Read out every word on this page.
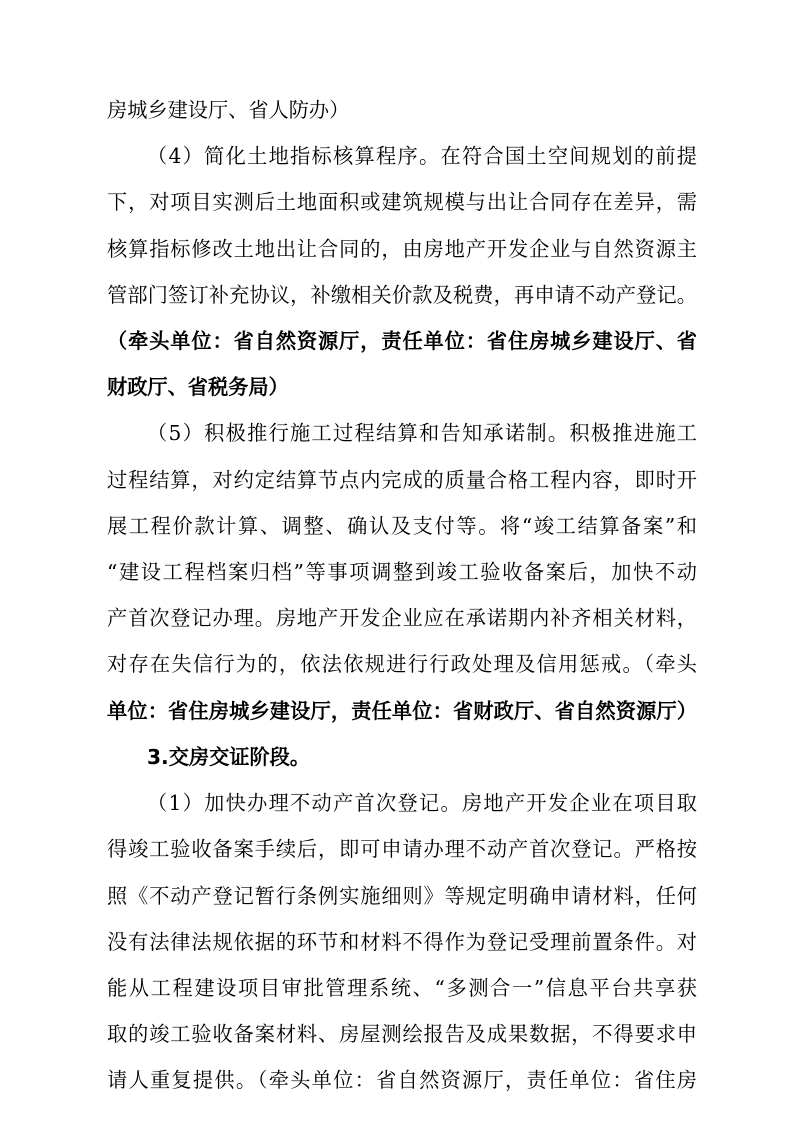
房城乡建设厅、省人防办）
（4）简化土地指标核算程序。在符合国土空间规划的前提
下，对项目实测后土地面积或建筑规模与出让合同存在差异，需
核算指标修改土地出让合同的，由房地产开发企业与自然资源主
管部门签订补充协议，补缴相关价款及税费，再申请不动产登记。
（牵头单位：省自然资源厅，责任单位：省住房城乡建设厅、省
财政厅、省税务局）
（5）积极推行施工过程结算和告知承诺制。积极推进施工
过程结算，对约定结算节点内完成的质量合格工程内容，即时开
展工程价款计算、调整、确认及支付等。将“竣工结算备案”和
“建设工程档案归档”等事项调整到竣工验收备案后，加快不动
产首次登记办理。房地产开发企业应在承诺期内补齐相关材料，
对存在失信行为的，依法依规进行行政处理及信用惩戒。（牵头
单位：省住房城乡建设厅，责任单位：省财政厅、省自然资源厅）
3.交房交证阶段。
（1）加快办理不动产首次登记。房地产开发企业在项目取
得竣工验收备案手续后，即可申请办理不动产首次登记。严格按
照《不动产登记暂行条例实施细则》等规定明确申请材料，任何
没有法律法规依据的环节和材料不得作为登记受理前置条件。对
能从工程建设项目审批管理系统、“多测合一”信息平台共享获
取的竣工验收备案材料、房屋测绘报告及成果数据，不得要求申
请人重复提供。（牵头单位：省自然资源厅，责任单位：省住房
